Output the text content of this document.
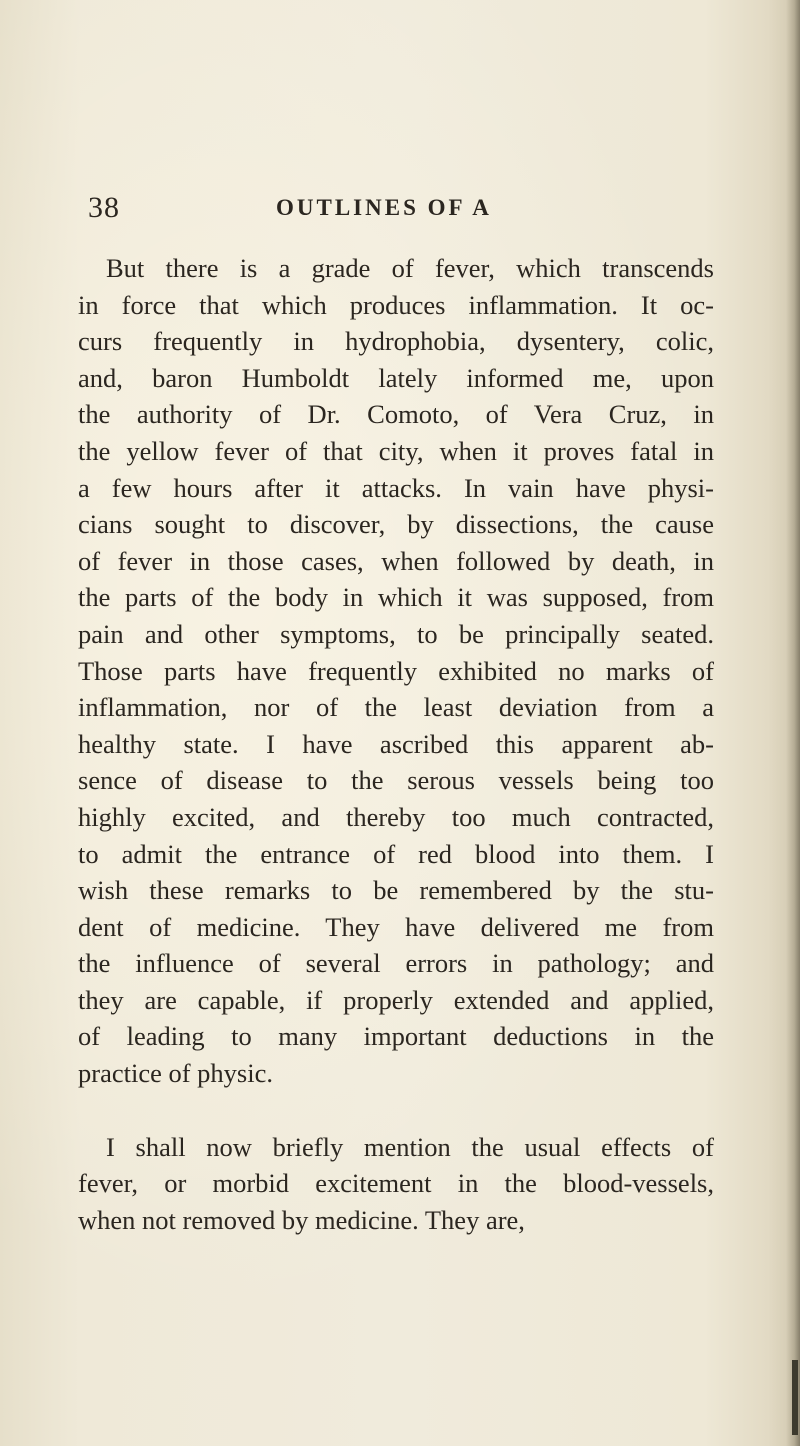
38	OUTLINES OF A

But there is a grade of fever, which transcends
in force that which produces inflammation. It oc-
curs frequently in hydrophobia, dysentery, colic,
and, baron Humboldt lately informed me, upon
the authority of Dr. Comoto, of Vera Cruz, in
the yellow fever of that city, when it proves fatal in
a few hours after it attacks. In vain have physi-
cians sought to discover, by dissections, the cause
of fever in those cases, when followed by death, in
the parts of the body in which it was supposed, from
pain and other symptoms, to be principally seated.
Those parts have frequently exhibited no marks of
inflammation, nor of the least deviation from a
healthy state. I have ascribed this apparent ab-
sence of disease to the serous vessels being too
highly excited, and thereby too much contracted,
to admit the entrance of red blood into them. I
wish these remarks to be remembered by the stu-
dent of medicine. They have delivered me from
the influence of several errors in pathology; and
they are capable, if properly extended and applied,
of leading to many important deductions in the
practice of physic.

I shall now briefly mention the usual effects of
fever, or morbid excitement in the blood-vessels,
when not removed by medicine. They are,
